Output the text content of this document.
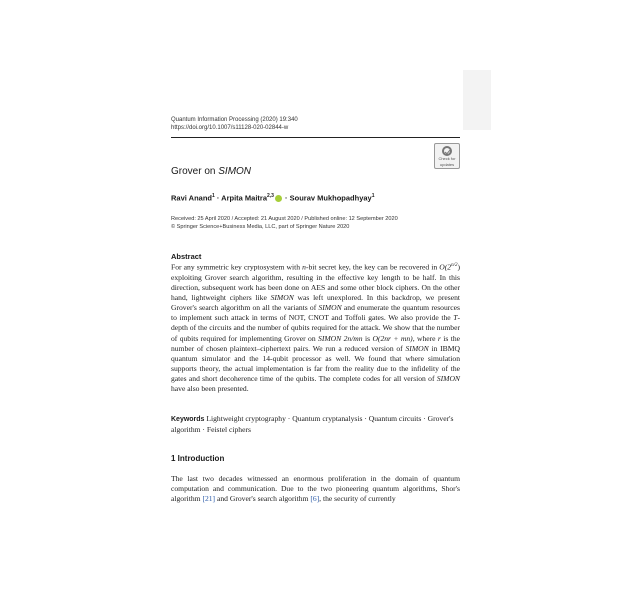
Quantum Information Processing (2020) 19:340
https://doi.org/10.1007/s11128-020-02844-w
Check for
updates
Grover on SIMON
Ravi Anand$^1$ · Arpita Maitra$^{2,3}$ · Sourav Mukhopadhyay$^1$
Received: 25 April 2020 / Accepted: 21 August 2020 / Published online: 12 September 2020
© Springer Science+Business Media, LLC, part of Springer Nature 2020
Abstract

For any symmetric key cryptosystem with n-bit secret key, the key can be recovered in $O(2^{n/2})$ exploiting Grover search algorithm, resulting in the effective key length to be half. In this direction, subsequent work has been done on AES and some other block ciphers. On the other hand, lightweight ciphers like SIMON was left unexplored. In this backdrop, we present Grover's search algorithm on all the variants of SIMON and enumerate the quantum resources to implement such attack in terms of NOT, CNOT and Toffoli gates. We also provide the T-depth of the circuits and the number of qubits required for the attack. We show that the number of qubits required for implementing Grover on SIMON 2n/mn is O(2nr + mn), where r is the number of chosen plaintext–ciphertext pairs. We run a reduced version of SIMON in IBMQ quantum simulator and the 14-qubit processor as well. We found that where simulation supports theory, the actual implementation is far from the reality due to the infidelity of the gates and short decoherence time of the qubits. The complete codes for all version of SIMON have also been presented.

Keywords Lightweight cryptography · Quantum cryptanalysis · Quantum circuits · Grover's algorithm · Feistel ciphers
1 Introduction

The last two decades witnessed an enormous proliferation in the domain of quantum computation and communication. Due to the two pioneering quantum algorithms, Shor's algorithm [21] and Grover's search algorithm [6], the security of currently
